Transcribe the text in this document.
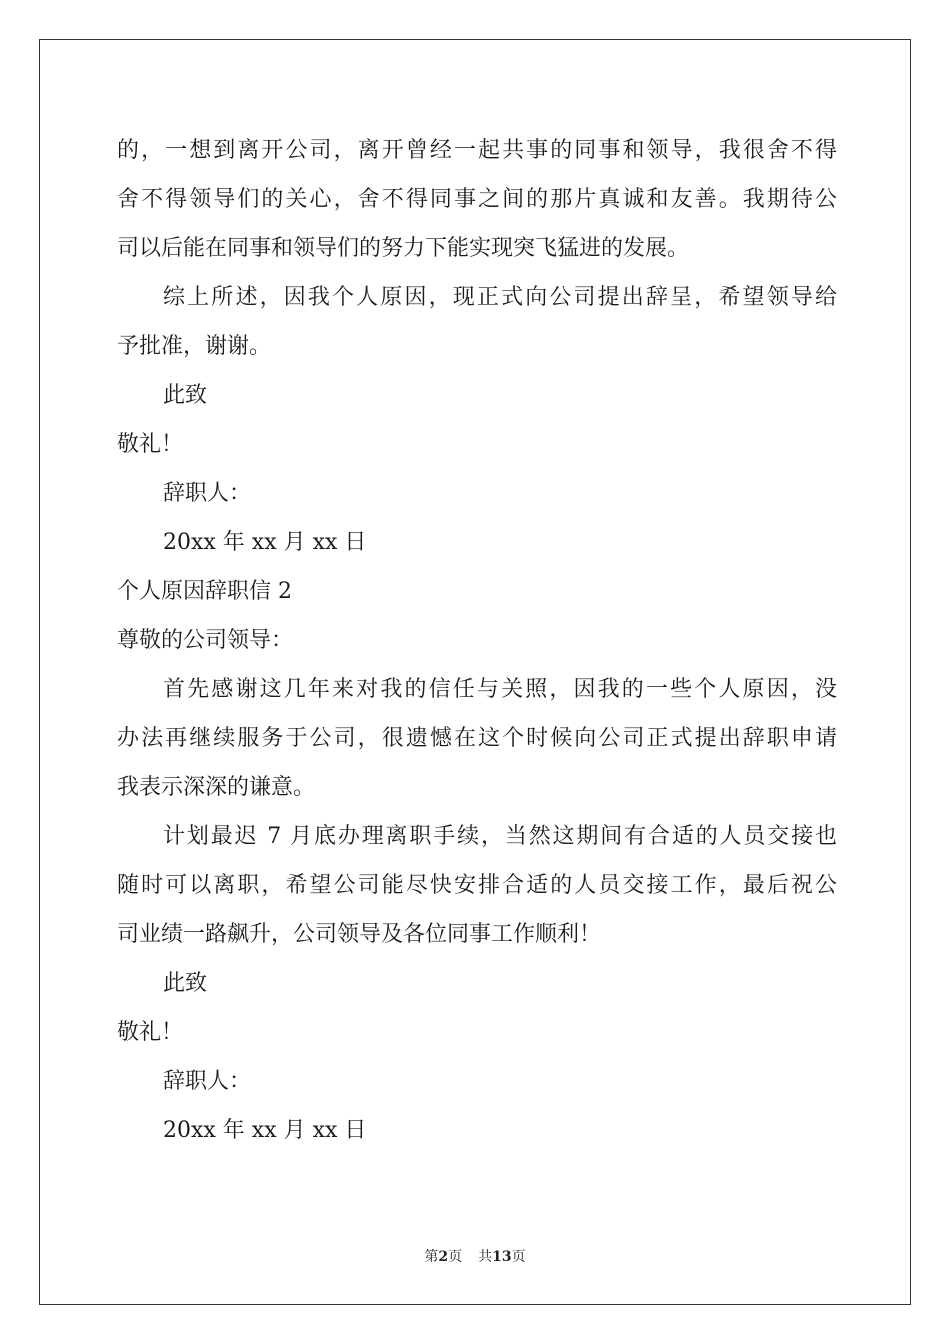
的，一想到离开公司，离开曾经一起共事的同事和领导，我很舍不得
舍不得领导们的关心，舍不得同事之间的那片真诚和友善。我期待公
司以后能在同事和领导们的努力下能实现突飞猛进的发展。
综上所述，因我个人原因，现正式向公司提出辞呈，希望领导给
予批准，谢谢。
此致
敬礼！
辞职人：
20xx 年 xx 月 xx 日
个人原因辞职信 2
尊敬的公司领导：
首先感谢这几年来对我的信任与关照，因我的一些个人原因，没
办法再继续服务于公司，很遗憾在这个时候向公司正式提出辞职申请
我表示深深的谦意。
计划最迟 7 月底办理离职手续，当然这期间有合适的人员交接也
随时可以离职，希望公司能尽快安排合适的人员交接工作，最后祝公
司业绩一路飙升，公司领导及各位同事工作顺利！
此致
敬礼！
辞职人：
20xx 年 xx 月 xx 日
第2页 共13页
